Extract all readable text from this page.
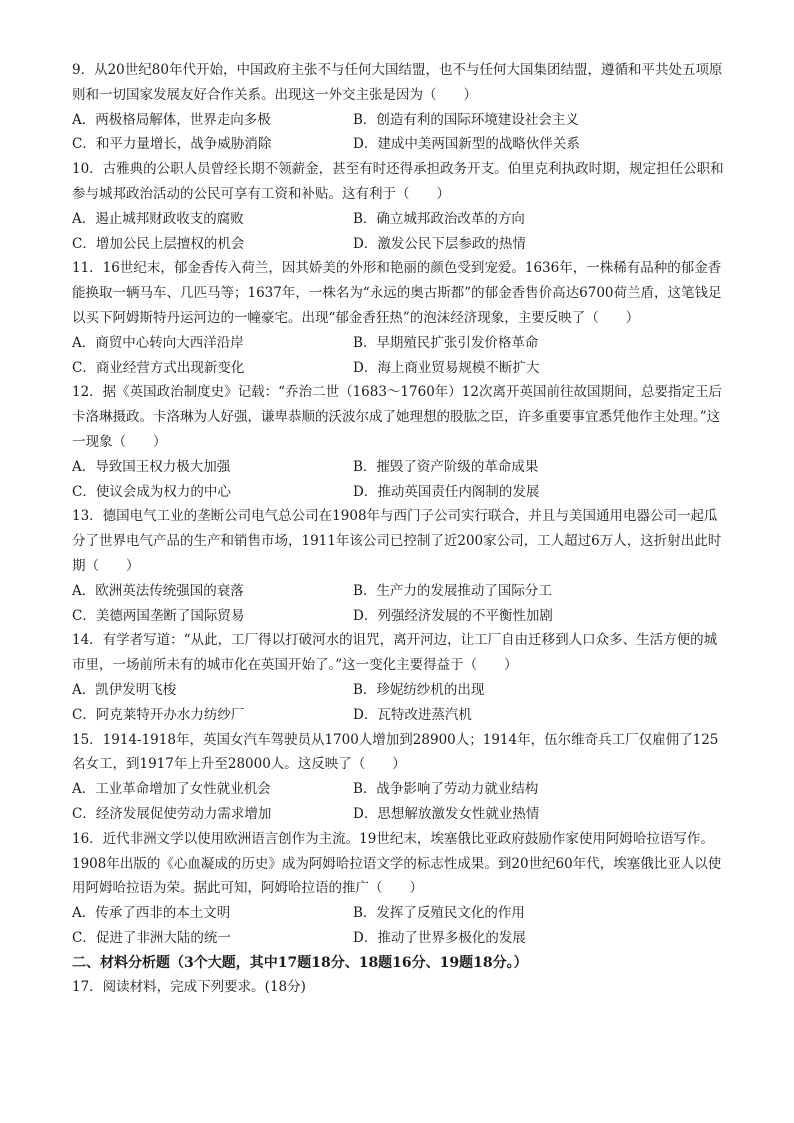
9．从20世纪80年代开始，中国政府主张不与任何大国结盟，也不与任何大国集团结盟，遵循和平共处五项原则和一切国家发展友好合作关系。出现这一外交主张是因为（　　）

A．两极格局解体，世界走向多极	B．创造有利的国际环境建设社会主义
C．和平力量增长，战争威胁消除	D．建成中美两国新型的战略伙伴关系

10．古雅典的公职人员曾经长期不领薪金，甚至有时还得承担政务开支。伯里克利执政时期，规定担任公职和参与城邦政治活动的公民可享有工资和补贴。这有利于（　　）

A．遏止城邦财政收支的腐败	B．确立城邦政治改革的方向
C．增加公民上层擅权的机会	D．激发公民下层参政的热情

11．16世纪末，郁金香传入荷兰，因其娇美的外形和艳丽的颜色受到宠爱。1636年，一株稀有品种的郁金香能换取一辆马车、几匹马等；1637年，一株名为“永远的奥古斯都”的郁金香售价高达6700荷兰盾，这笔钱足以买下阿姆斯特丹运河边的一幢豪宅。出现“郁金香狂热”的泡沫经济现象，主要反映了（　　）

A．商贸中心转向大西洋沿岸	B．早期殖民扩张引发价格革命
C．商业经营方式出现新变化	D．海上商业贸易规模不断扩大

12．据《英国政治制度史》记载：“乔治二世（1683～1760年）12次离开英国前往故国期间，总要指定王后卡洛琳摄政。卡洛琳为人好强，谦卑恭顺的沃波尔成了她理想的股肱之臣，许多重要事宜悉凭他作主处理。”这一现象（　　）

A．导致国王权力极大加强	B．摧毁了资产阶级的革命成果
C．使议会成为权力的中心	D．推动英国责任内阁制的发展

13．德国电气工业的垄断公司电气总公司在1908年与西门子公司实行联合，并且与美国通用电器公司一起瓜分了世界电气产品的生产和销售市场，1911年该公司已控制了近200家公司，工人超过6万人，这折射出此时期（　　）

A．欧洲英法传统强国的衰落	B．生产力的发展推动了国际分工
C．美德两国垄断了国际贸易	D．列强经济发展的不平衡性加剧

14．有学者写道：“从此，工厂得以打破河水的诅咒，离开河边，让工厂自由迁移到人口众多、生活方便的城市里，一场前所未有的城市化在英国开始了。”这一变化主要得益于（　　）

A．凯伊发明飞梭	B．珍妮纺纱机的出现
C．阿克莱特开办水力纺纱厂	D．瓦特改进蒸汽机

15．1914-1918年，英国女汽车驾驶员从1700人增加到28900人；1914年，伍尔维奇兵工厂仅雇佣了125名女工，到1917年上升至28000人。这反映了（　　）

A．工业革命增加了女性就业机会	B．战争影响了劳动力就业结构
C．经济发展促使劳动力需求增加	D．思想解放激发女性就业热情

16．近代非洲文学以使用欧洲语言创作为主流。19世纪末，埃塞俄比亚政府鼓励作家使用阿姆哈拉语写作。1908年出版的《心血凝成的历史》成为阿姆哈拉语文学的标志性成果。到20世纪60年代，埃塞俄比亚人以使用阿姆哈拉语为荣。据此可知，阿姆哈拉语的推广（　　）

A．传承了西非的本土文明	B．发挥了反殖民文化的作用
C．促进了非洲大陆的统一	D．推动了世界多极化的发展

二、材料分析题（3个大题，其中17题18分、18题16分、19题18分。）

17．阅读材料，完成下列要求。(18分)
